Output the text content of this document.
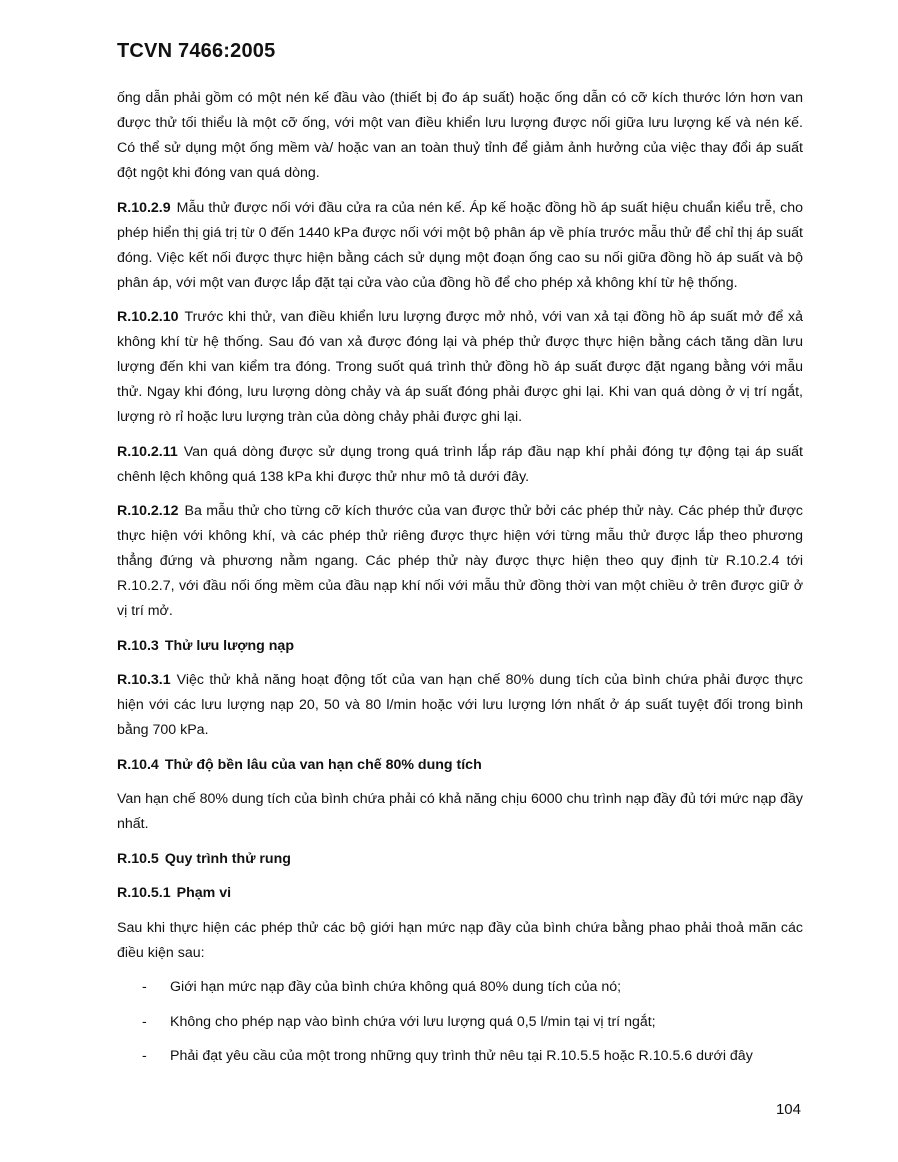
TCVN 7466:2005

ống dẫn phải gồm có một nén kế đầu vào (thiết bị đo áp suất) hoặc ống dẫn có cỡ kích thước lớn hơn van được thử tối thiểu là một cỡ ống, với một van điều khiển lưu lượng được nối giữa lưu lượng kế và nén kế. Có thể sử dụng một ống mềm và/ hoặc van an toàn thuỷ tỉnh để giảm ảnh hưởng của việc thay đổi áp suất đột ngột khi đóng van quá dòng.

R.10.2.9 Mẫu thử được nối với đầu cửa ra của nén kế. Áp kế hoặc đồng hồ áp suất hiệu chuẩn kiểu trễ, cho phép hiển thị giá trị từ 0 đến 1440 kPa được nối với một bộ phân áp về phía trước mẫu thử để chỉ thị áp suất đóng. Việc kết nối được thực hiện bằng cách sử dụng một đoạn ống cao su nối giữa đồng hồ áp suất và bộ phân áp, với một van được lắp đặt tại cửa vào của đồng hồ để cho phép xả không khí từ hệ thống.

R.10.2.10 Trước khi thử, van điều khiển lưu lượng được mở nhỏ, với van xả tại đồng hồ áp suất mở để xả không khí từ hệ thống. Sau đó van xả được đóng lại và phép thử được thực hiện bằng cách tăng dần lưu lượng đến khi van kiểm tra đóng. Trong suốt quá trình thử đồng hồ áp suất được đặt ngang bằng với mẫu thử. Ngay khi đóng, lưu lượng dòng chảy và áp suất đóng phải được ghi lại. Khi van quá dòng ở vị trí ngắt, lượng rò rỉ hoặc lưu lượng tràn của dòng chảy phải được ghi lại.

R.10.2.11 Van quá dòng được sử dụng trong quá trình lắp ráp đầu nạp khí phải đóng tự động tại áp suất chênh lệch không quá 138 kPa khi được thử như mô tả dưới đây.

R.10.2.12 Ba mẫu thử cho từng cỡ kích thước của van được thử bởi các phép thử này. Các phép thử được thực hiện với không khí, và các phép thử riêng được thực hiện với từng mẫu thử được lắp theo phương thẳng đứng và phương nằm ngang. Các phép thử này được thực hiện theo quy định từ R.10.2.4 tới R.10.2.7, với đầu nối ống mềm của đầu nạp khí nối với mẫu thử đồng thời van một chiều ở trên được giữ ở vị trí mở.

R.10.3 Thử lưu lượng nạp

R.10.3.1 Việc thử khả năng hoạt động tốt của van hạn chế 80% dung tích của bình chứa phải được thực hiện với các lưu lượng nạp 20, 50 và 80 l/min hoặc với lưu lượng lớn nhất ở áp suất tuyệt đối trong bình bằng 700 kPa.

R.10.4 Thử độ bền lâu của van hạn chế 80% dung tích

Van hạn chế 80% dung tích của bình chứa phải có khả năng chịu 6000 chu trình nạp đầy đủ tới mức nạp đầy nhất.

R.10.5 Quy trình thử rung
R.10.5.1 Phạm vi

Sau khi thực hiện các phép thử các bộ giới hạn mức nạp đầy của bình chứa bằng phao phải thoả mãn các điều kiện sau:

- Giới hạn mức nạp đầy của bình chứa không quá 80% dung tích của nó;
- Không cho phép nạp vào bình chứa với lưu lượng quá 0,5 l/min tại vị trí ngắt;
- Phải đạt yêu cầu của một trong những quy trình thử nêu tại R.10.5.5 hoặc R.10.5.6 dưới đây
104
